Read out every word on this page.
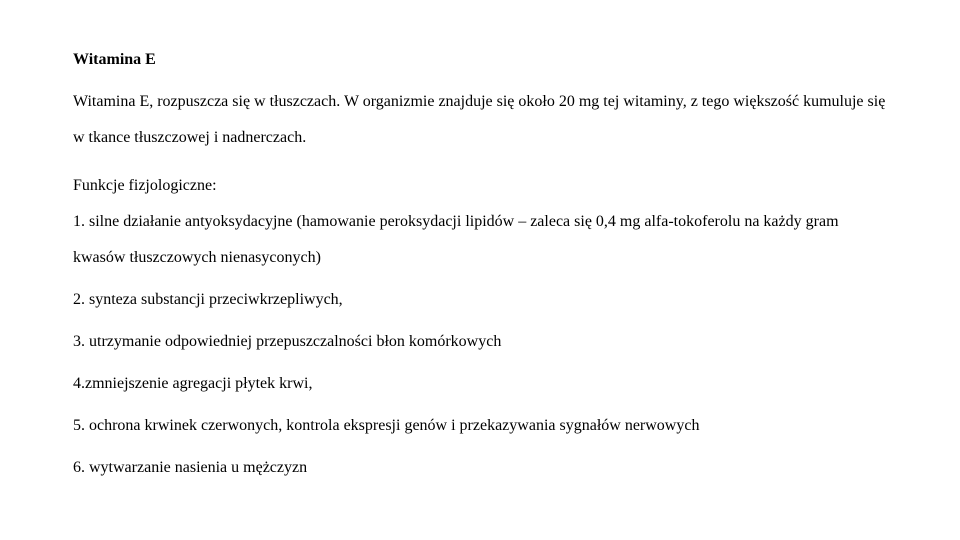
Witamina E

Witamina E, rozpuszcza się w tłuszczach. W organizmie znajduje się około 20 mg tej witaminy, z tego większość kumuluje się w tkance tłuszczowej i nadnerczach.

Funkcje fizjologiczne:
1. silne działanie antyoksydacyjne (hamowanie peroksydacji lipidów – zaleca się 0,4 mg alfa-tokoferolu na każdy gram kwasów tłuszczowych nienasyconych)
2. synteza substancji przeciwkrzepliwych,
3. utrzymanie odpowiedniej przepuszczalności błon komórkowych
4.zmniejszenie agregacji płytek krwi,
5. ochrona krwinek czerwonych, kontrola ekspresji genów i przekazywania sygnałów nerwowych
6. wytwarzanie nasienia u mężczyzn
